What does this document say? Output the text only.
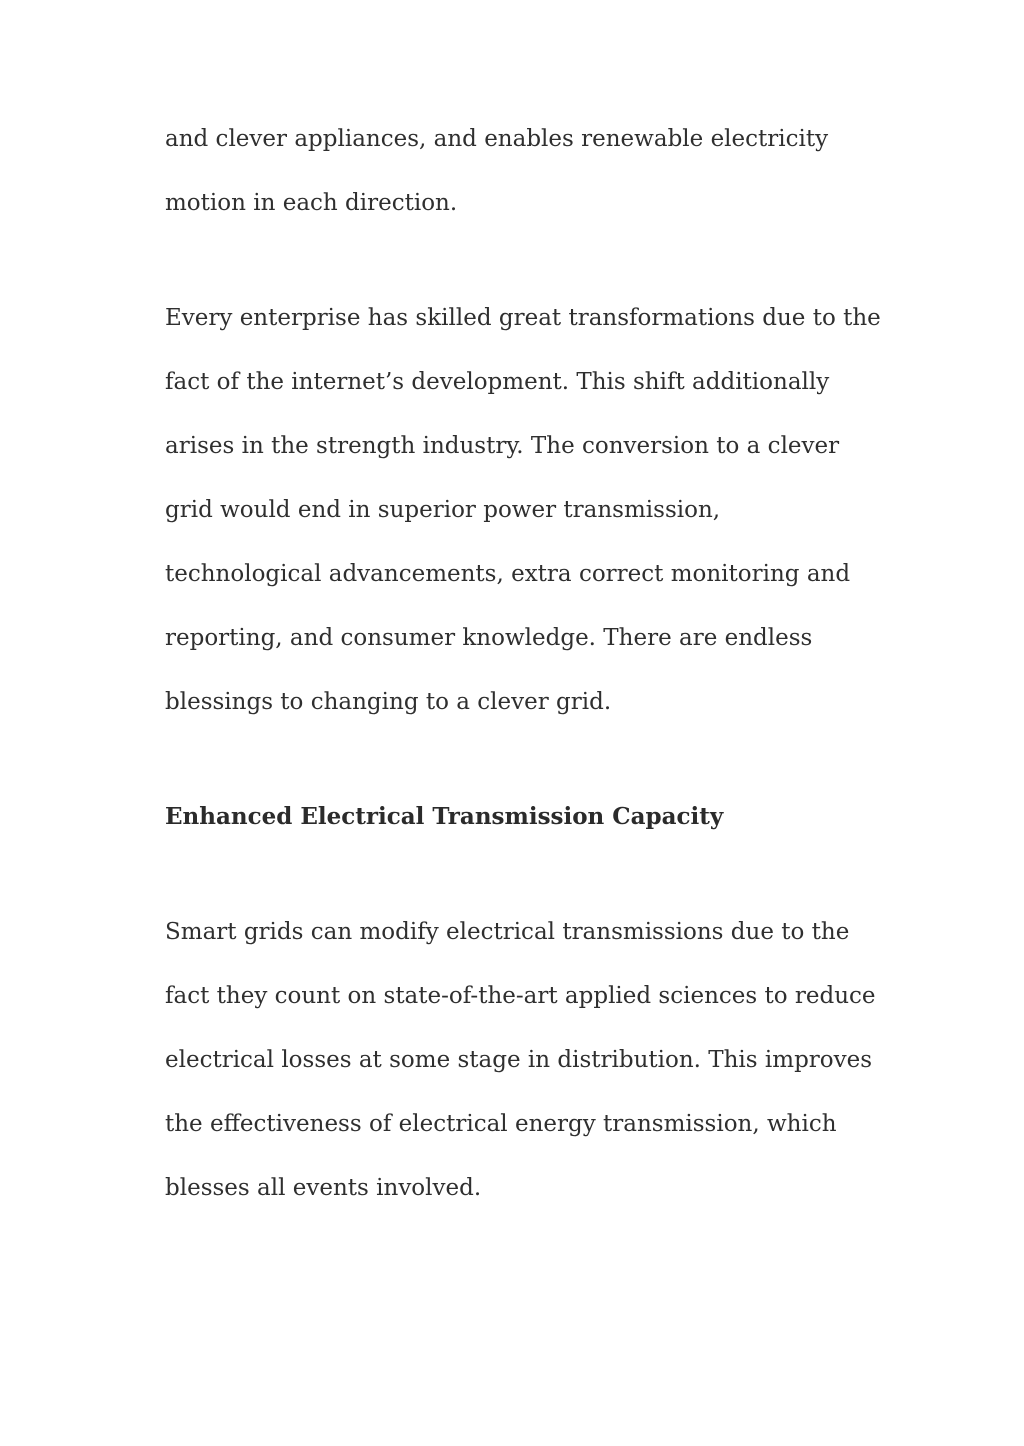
and clever appliances, and enables renewable electricity

motion in each direction.

Every enterprise has skilled great transformations due to the

fact of the internet’s development. This shift additionally

arises in the strength industry. The conversion to a clever

grid would end in superior power transmission,

technological advancements, extra correct monitoring and

reporting, and consumer knowledge. There are endless

blessings to changing to a clever grid.

Enhanced Electrical Transmission Capacity

Smart grids can modify electrical transmissions due to the

fact they count on state-of-the-art applied sciences to reduce

electrical losses at some stage in distribution. This improves

the effectiveness of electrical energy transmission, which

blesses all events involved.
